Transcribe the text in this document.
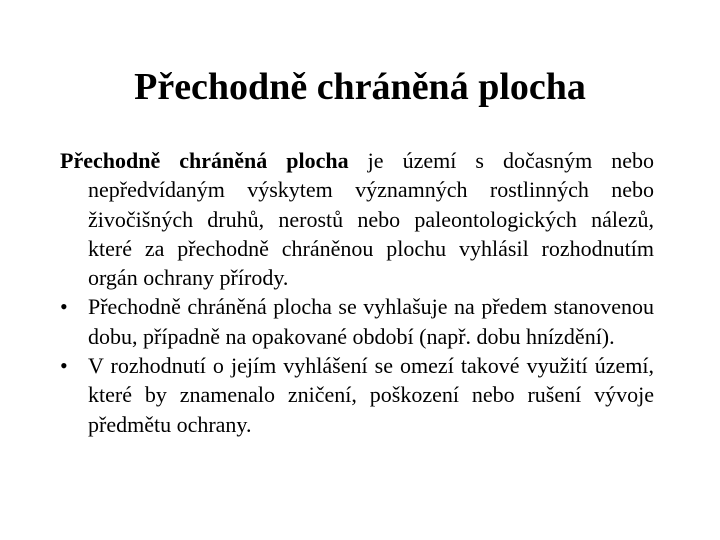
Přechodně chráněná plocha

Přechodně chráněná plocha je území s dočasným nebo nepředvídaným výskytem významných rostlinných nebo živočišných druhů, nerostů nebo paleontologických nálezů, které za přechodně chráněnou plochu vyhlásil rozhodnutím orgán ochrany přírody.

• Přechodně chráněná plocha se vyhlašuje na předem stanovenou dobu, případně na opakované období (např. dobu hnízdění).

• V rozhodnutí o jejím vyhlášení se omezí takové využití území, které by znamenalo zničení, poškození nebo rušení vývoje předmětu ochrany.
